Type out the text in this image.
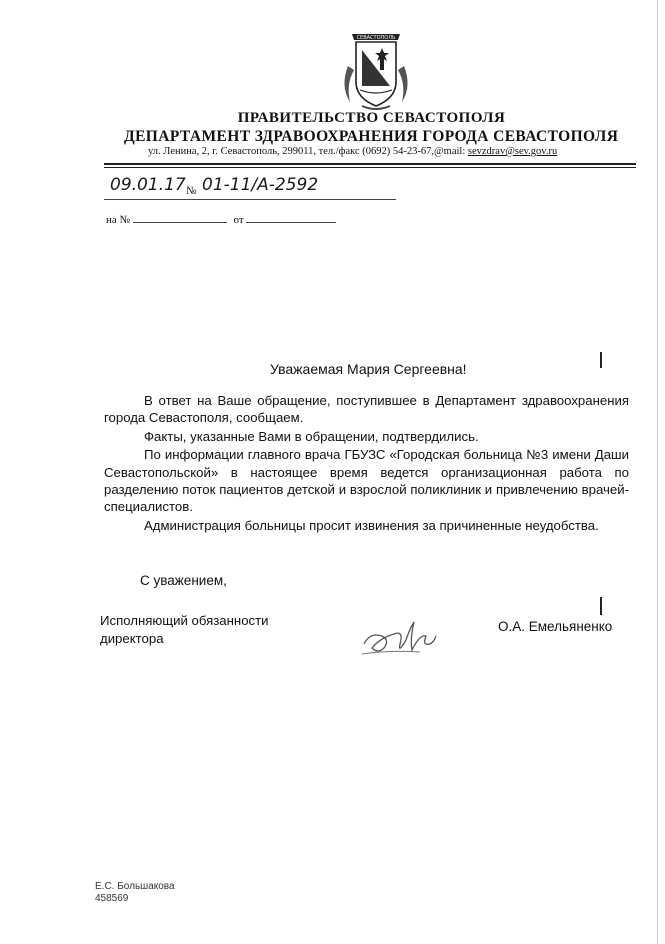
СЕВАСТОПОЛЬ
ПРАВИТЕЛЬСТВО СЕВАСТОПОЛЯ
ДЕПАРТАМЕНТ ЗДРАВООХРАНЕНИЯ ГОРОДА СЕВАСТОПОЛЯ
ул. Ленина, 2, г. Севастополь, 299011, тел./факс (0692) 54-23-67,@mail: sevzdrav@sev.gov.ru
09.01.17 № 01-11/А-2592
на №	от
Уважаемая Мария Сергеевна!

В ответ на Ваше обращение, поступившее в Департамент здравоохранения города Севастополя, сообщаем.

Факты, указанные Вами в обращении, подтвердились.

По информации главного врача ГБУЗС «Городская больница №3 имени Даши Севастопольской» в настоящее время ведется организационная работа по разделению поток пациентов детской и взрослой поликлиник и привлечению врачей-специалистов.

Администрация больницы просит извинения за причиненные неудобства.

С уважением,
Исполняющий обязанности
директора
О.А. Емельяненко
Е.С. Большакова
458569
